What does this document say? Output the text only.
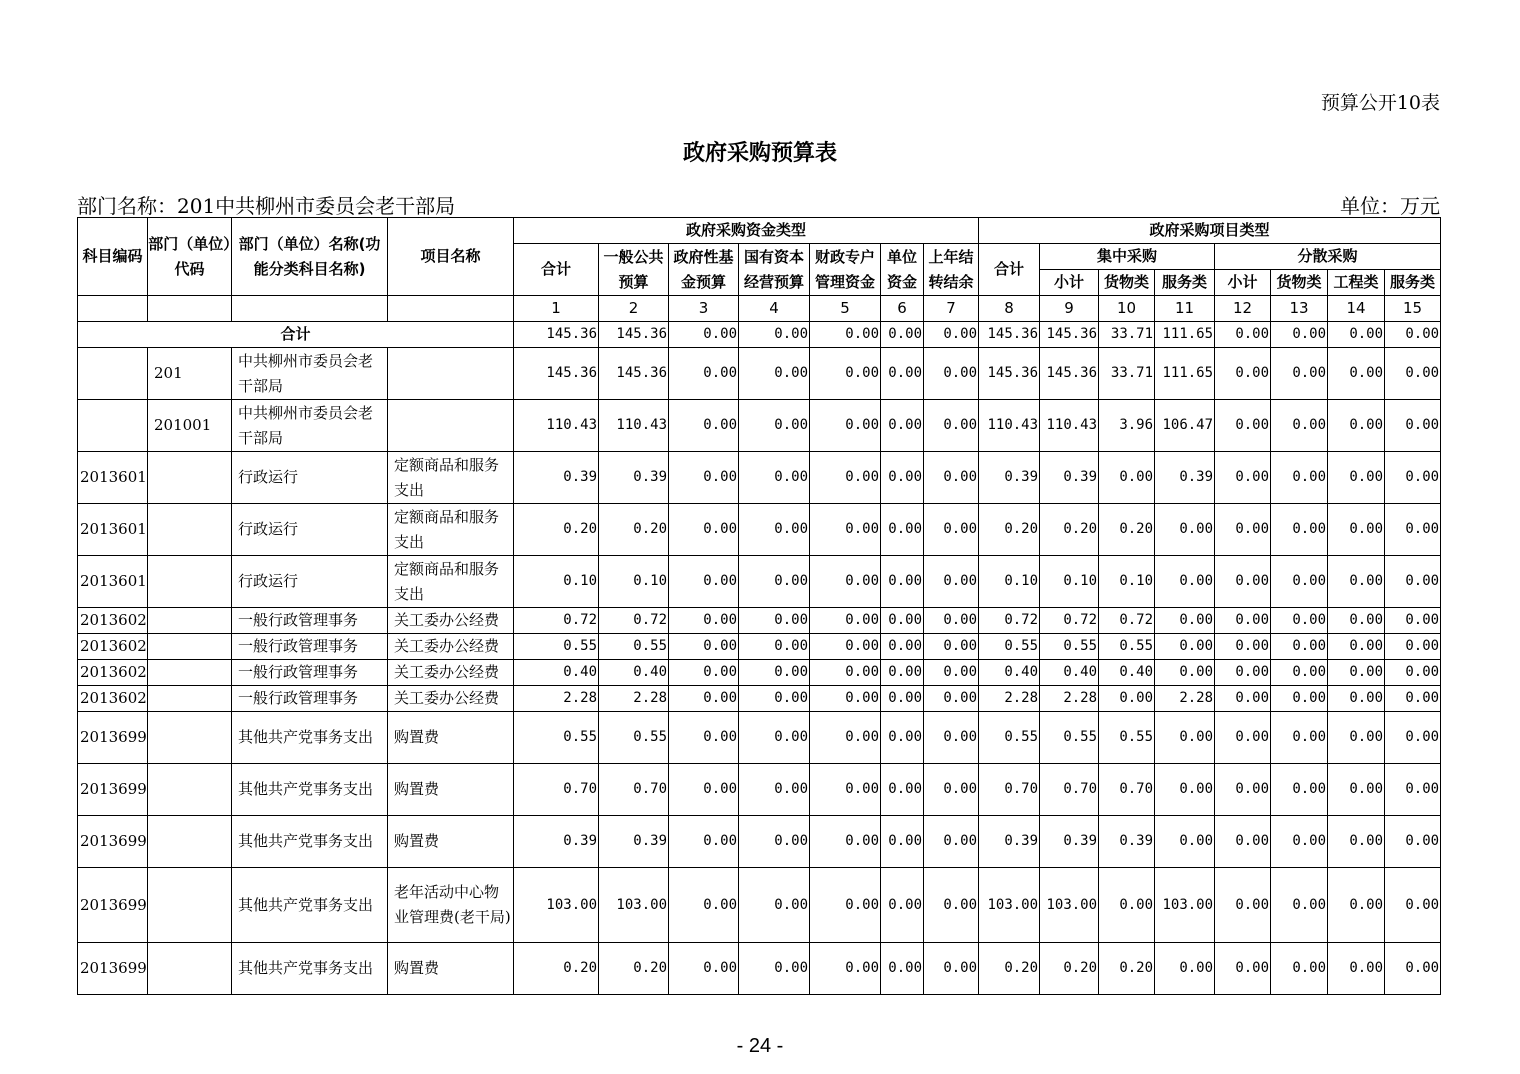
预算公开10表
政府采购预算表
部门名称：201中共柳州市委员会老干部局	单位：万元
科目编码	部门（单位）代码	部门（单位）名称(功能分类科目名称)	项目名称	政府采购资金类型							政府采购项目类型							
				合计	一般公共预算	政府性基金预算	国有资本经营预算	财政专户管理资金	单位资金	上年结转结余	合计	集中采购			分散采购			
												小计	货物类	服务类	小计	货物类	工程类	服务类
				1	2	3	4	5	6	7	8	9	10	11	12	13	14	15
合计				145.36	145.36	0.00	0.00	0.00	0.00	0.00	145.36	145.36	33.71	111.65	0.00	0.00	0.00	0.00
	201	中共柳州市委员会老干部局		145.36	145.36	0.00	0.00	0.00	0.00	0.00	145.36	145.36	33.71	111.65	0.00	0.00	0.00	0.00
	201001	中共柳州市委员会老干部局		110.43	110.43	0.00	0.00	0.00	0.00	0.00	110.43	110.43	3.96	106.47	0.00	0.00	0.00	0.00
2013601		行政运行	定额商品和服务支出	0.39	0.39	0.00	0.00	0.00	0.00	0.00	0.39	0.39	0.00	0.39	0.00	0.00	0.00	0.00
2013601		行政运行	定额商品和服务支出	0.20	0.20	0.00	0.00	0.00	0.00	0.00	0.20	0.20	0.20	0.00	0.00	0.00	0.00	0.00
2013601		行政运行	定额商品和服务支出	0.10	0.10	0.00	0.00	0.00	0.00	0.00	0.10	0.10	0.10	0.00	0.00	0.00	0.00	0.00
2013602		一般行政管理事务	关工委办公经费	0.72	0.72	0.00	0.00	0.00	0.00	0.00	0.72	0.72	0.72	0.00	0.00	0.00	0.00	0.00
2013602		一般行政管理事务	关工委办公经费	0.55	0.55	0.00	0.00	0.00	0.00	0.00	0.55	0.55	0.55	0.00	0.00	0.00	0.00	0.00
2013602		一般行政管理事务	关工委办公经费	0.40	0.40	0.00	0.00	0.00	0.00	0.00	0.40	0.40	0.40	0.00	0.00	0.00	0.00	0.00
2013602		一般行政管理事务	关工委办公经费	2.28	2.28	0.00	0.00	0.00	0.00	0.00	2.28	2.28	0.00	2.28	0.00	0.00	0.00	0.00
2013699		其他共产党事务支出	购置费	0.55	0.55	0.00	0.00	0.00	0.00	0.00	0.55	0.55	0.55	0.00	0.00	0.00	0.00	0.00
2013699		其他共产党事务支出	购置费	0.70	0.70	0.00	0.00	0.00	0.00	0.00	0.70	0.70	0.70	0.00	0.00	0.00	0.00	0.00
2013699		其他共产党事务支出	购置费	0.39	0.39	0.00	0.00	0.00	0.00	0.00	0.39	0.39	0.39	0.00	0.00	0.00	0.00	0.00
2013699		其他共产党事务支出	老年活动中心物业管理费(老干局)	103.00	103.00	0.00	0.00	0.00	0.00	0.00	103.00	103.00	0.00	103.00	0.00	0.00	0.00	0.00
2013699		其他共产党事务支出	购置费	0.20	0.20	0.00	0.00	0.00	0.00	0.00	0.20	0.20	0.20	0.00	0.00	0.00	0.00	0.00
- 24 -
